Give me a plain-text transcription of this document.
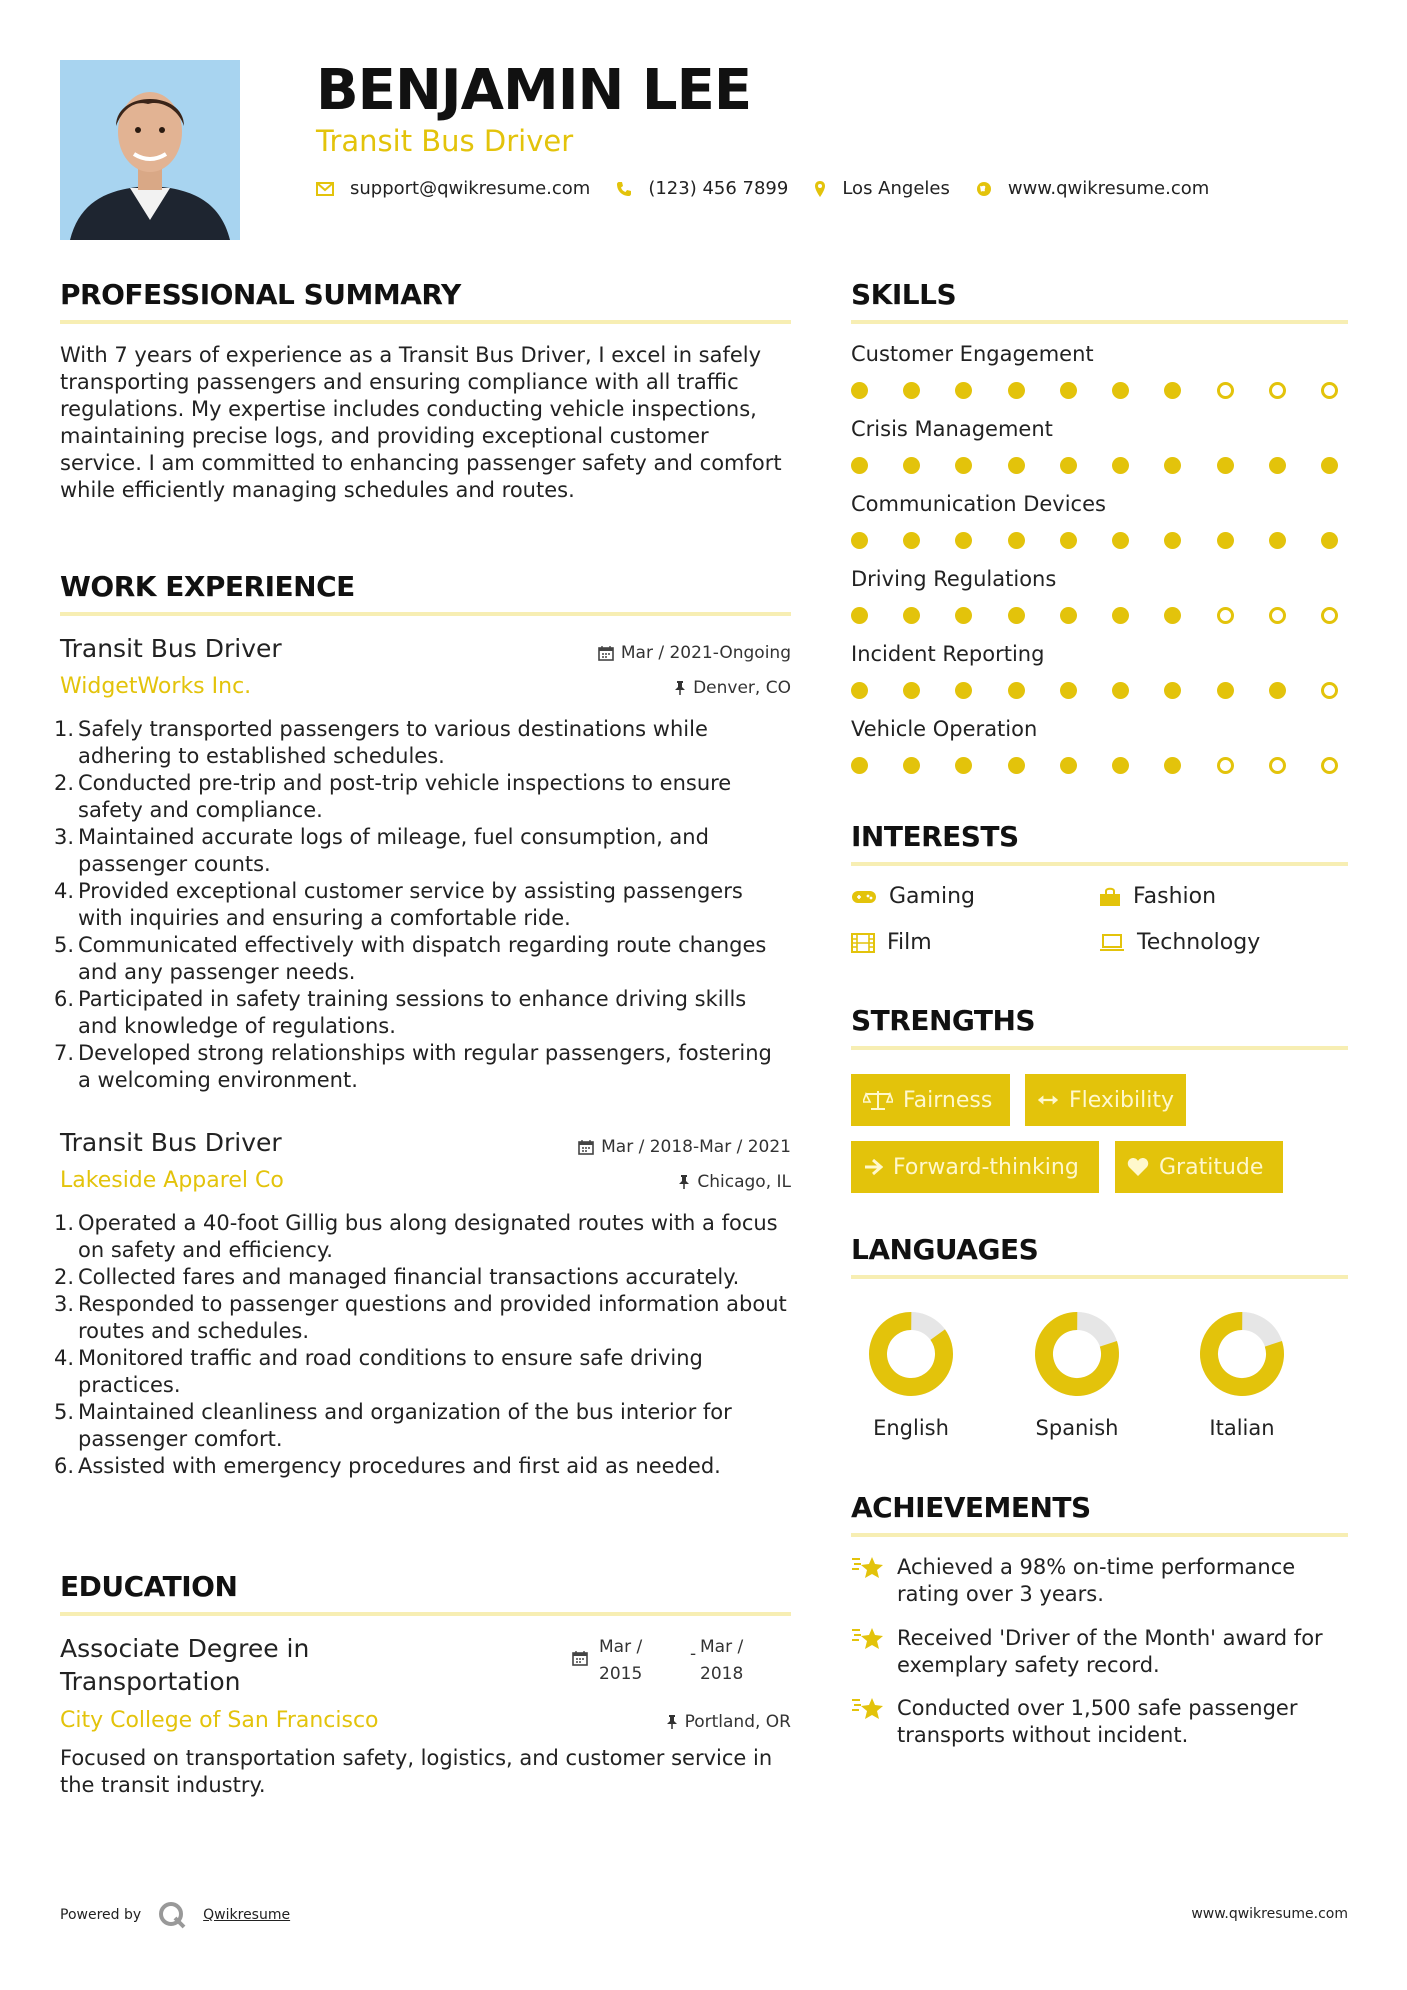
BENJAMIN LEE
Transit Bus Driver
support@qwikresume.com	(123) 456 7899	Los Angeles	www.qwikresume.com
PROFESSIONAL SUMMARY
With 7 years of experience as a Transit Bus Driver, I excel in safely transporting passengers and ensuring compliance with all traffic regulations. My expertise includes conducting vehicle inspections, maintaining precise logs, and providing exceptional customer service. I am committed to enhancing passenger safety and comfort while efficiently managing schedules and routes.
WORK EXPERIENCE
Transit Bus Driver	Mar / 2021-Ongoing
WidgetWorks Inc.	Denver, CO
Safely transported passengers to various destinations while adhering to established schedules.
Conducted pre-trip and post-trip vehicle inspections to ensure safety and compliance.
Maintained accurate logs of mileage, fuel consumption, and passenger counts.
Provided exceptional customer service by assisting passengers with inquiries and ensuring a comfortable ride.
Communicated effectively with dispatch regarding route changes and any passenger needs.
Participated in safety training sessions to enhance driving skills and knowledge of regulations.
Developed strong relationships with regular passengers, fostering a welcoming environment.
Transit Bus Driver	Mar / 2018-Mar / 2021
Lakeside Apparel Co	Chicago, IL
Operated a 40-foot Gillig bus along designated routes with a focus on safety and efficiency.
Collected fares and managed financial transactions accurately.
Responded to passenger questions and provided information about routes and schedules.
Monitored traffic and road conditions to ensure safe driving practices.
Maintained cleanliness and organization of the bus interior for passenger comfort.
Assisted with emergency procedures and first aid as needed.
EDUCATION
Associate Degree in Transportation
Mar /
2015
- Mar /
2018
City College of San Francisco	Portland, OR
Focused on transportation safety, logistics, and customer service in the transit industry.
SKILLS
Customer Engagement
Crisis Management
Communication Devices
Driving Regulations
Incident Reporting
Vehicle Operation
INTERESTS
Gaming	Fashion
Film	Technology
STRENGTHS
Fairness	Flexibility
Forward-thinking	Gratitude
LANGUAGES
English	Spanish	Italian
ACHIEVEMENTS
Achieved a 98% on-time performance rating over 3 years.
Received 'Driver of the Month' award for exemplary safety record.
Conducted over 1,500 safe passenger transports without incident.
Powered by	Qwikresume	www.qwikresume.com
